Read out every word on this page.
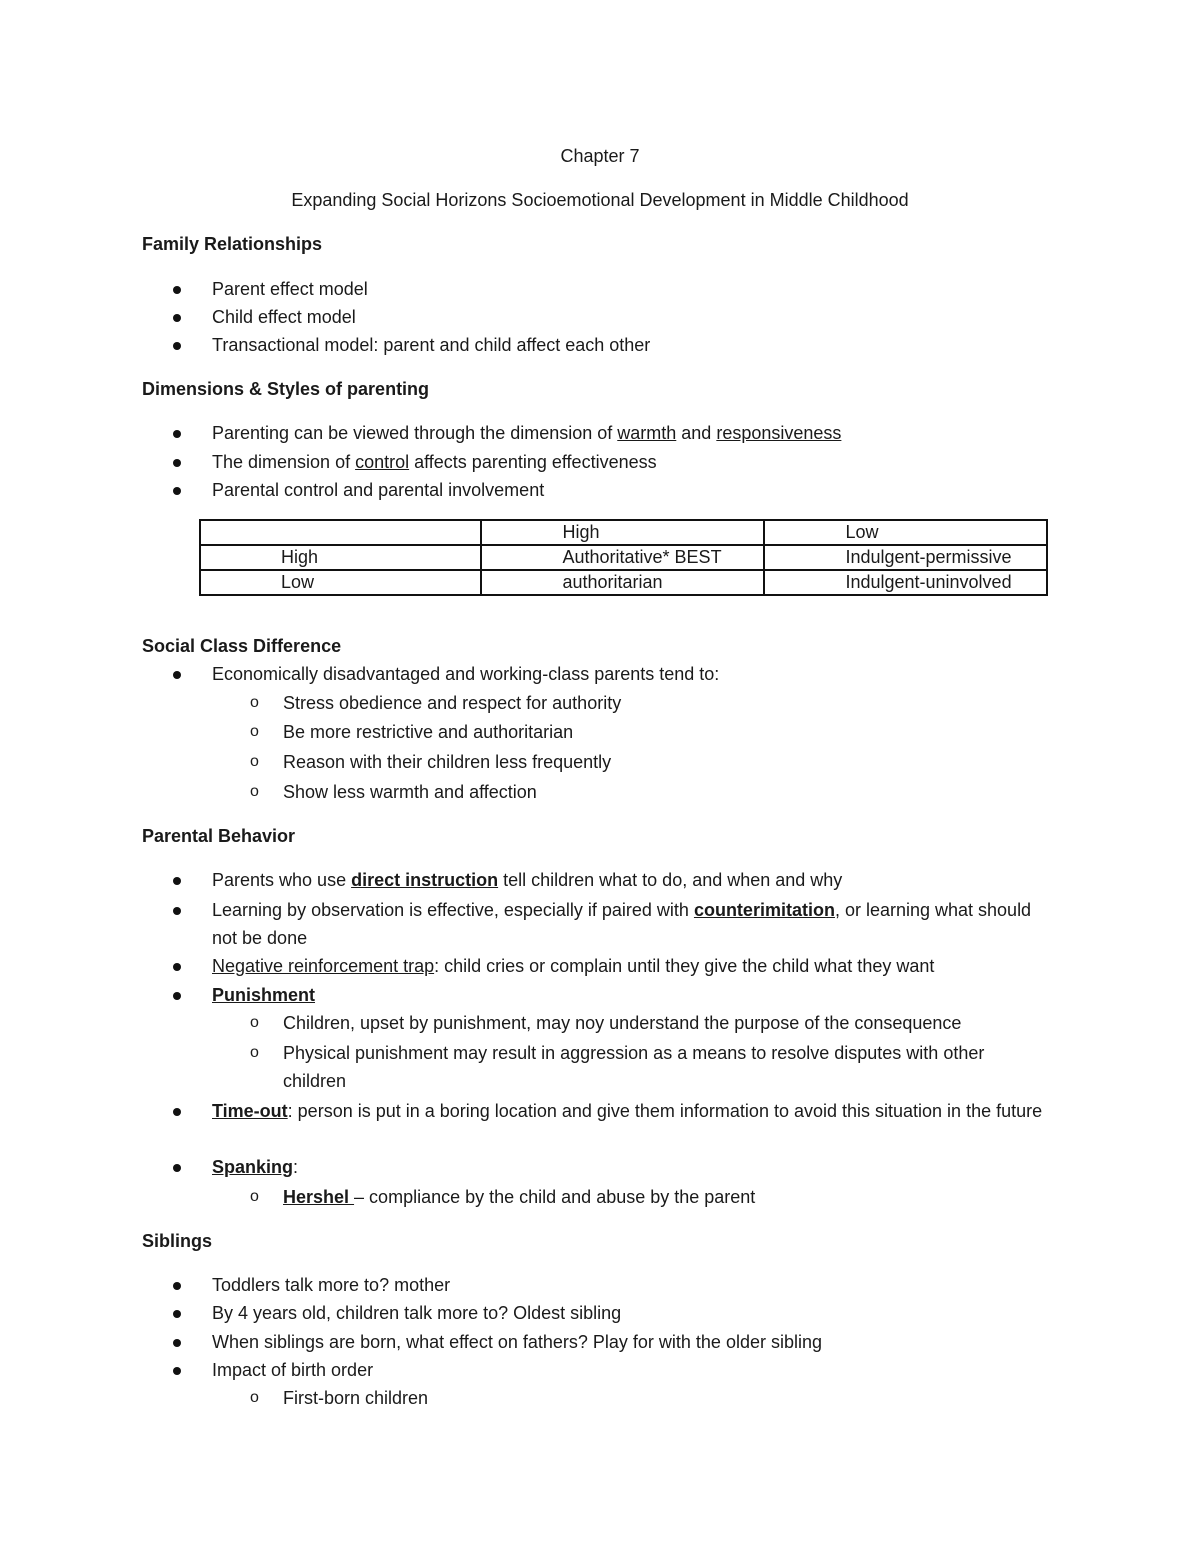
Chapter 7
Expanding Social Horizons Socioemotional Development in Middle Childhood
Family Relationships
Parent effect model
Child effect model
Transactional model: parent and child affect each other
Dimensions & Styles of parenting
Parenting can be viewed through the dimension of warmth and responsiveness
The dimension of control affects parenting effectiveness
Parental control and parental involvement
	High	Low
High	Authoritative* BEST	Indulgent-permissive
Low	authoritarian	Indulgent-uninvolved
Social Class Difference
Economically disadvantaged and working-class parents tend to:
o Stress obedience and respect for authority
o Be more restrictive and authoritarian
o Reason with their children less frequently
o Show less warmth and affection
Parental Behavior
Parents who use direct instruction tell children what to do, and when and why
Learning by observation is effective, especially if paired with counterimitation, or learning what should not be done
Negative reinforcement trap: child cries or complain until they give the child what they want
Punishment
o Children, upset by punishment, may noy understand the purpose of the consequence
o Physical punishment may result in aggression as a means to resolve disputes with other children
Time-out: person is put in a boring location and give them information to avoid this situation in the future
Spanking:
o Hershel – compliance by the child and abuse by the parent
Siblings
Toddlers talk more to? mother
By 4 years old, children talk more to? Oldest sibling
When siblings are born, what effect on fathers? Play for with the older sibling
Impact of birth order
o First-born children
